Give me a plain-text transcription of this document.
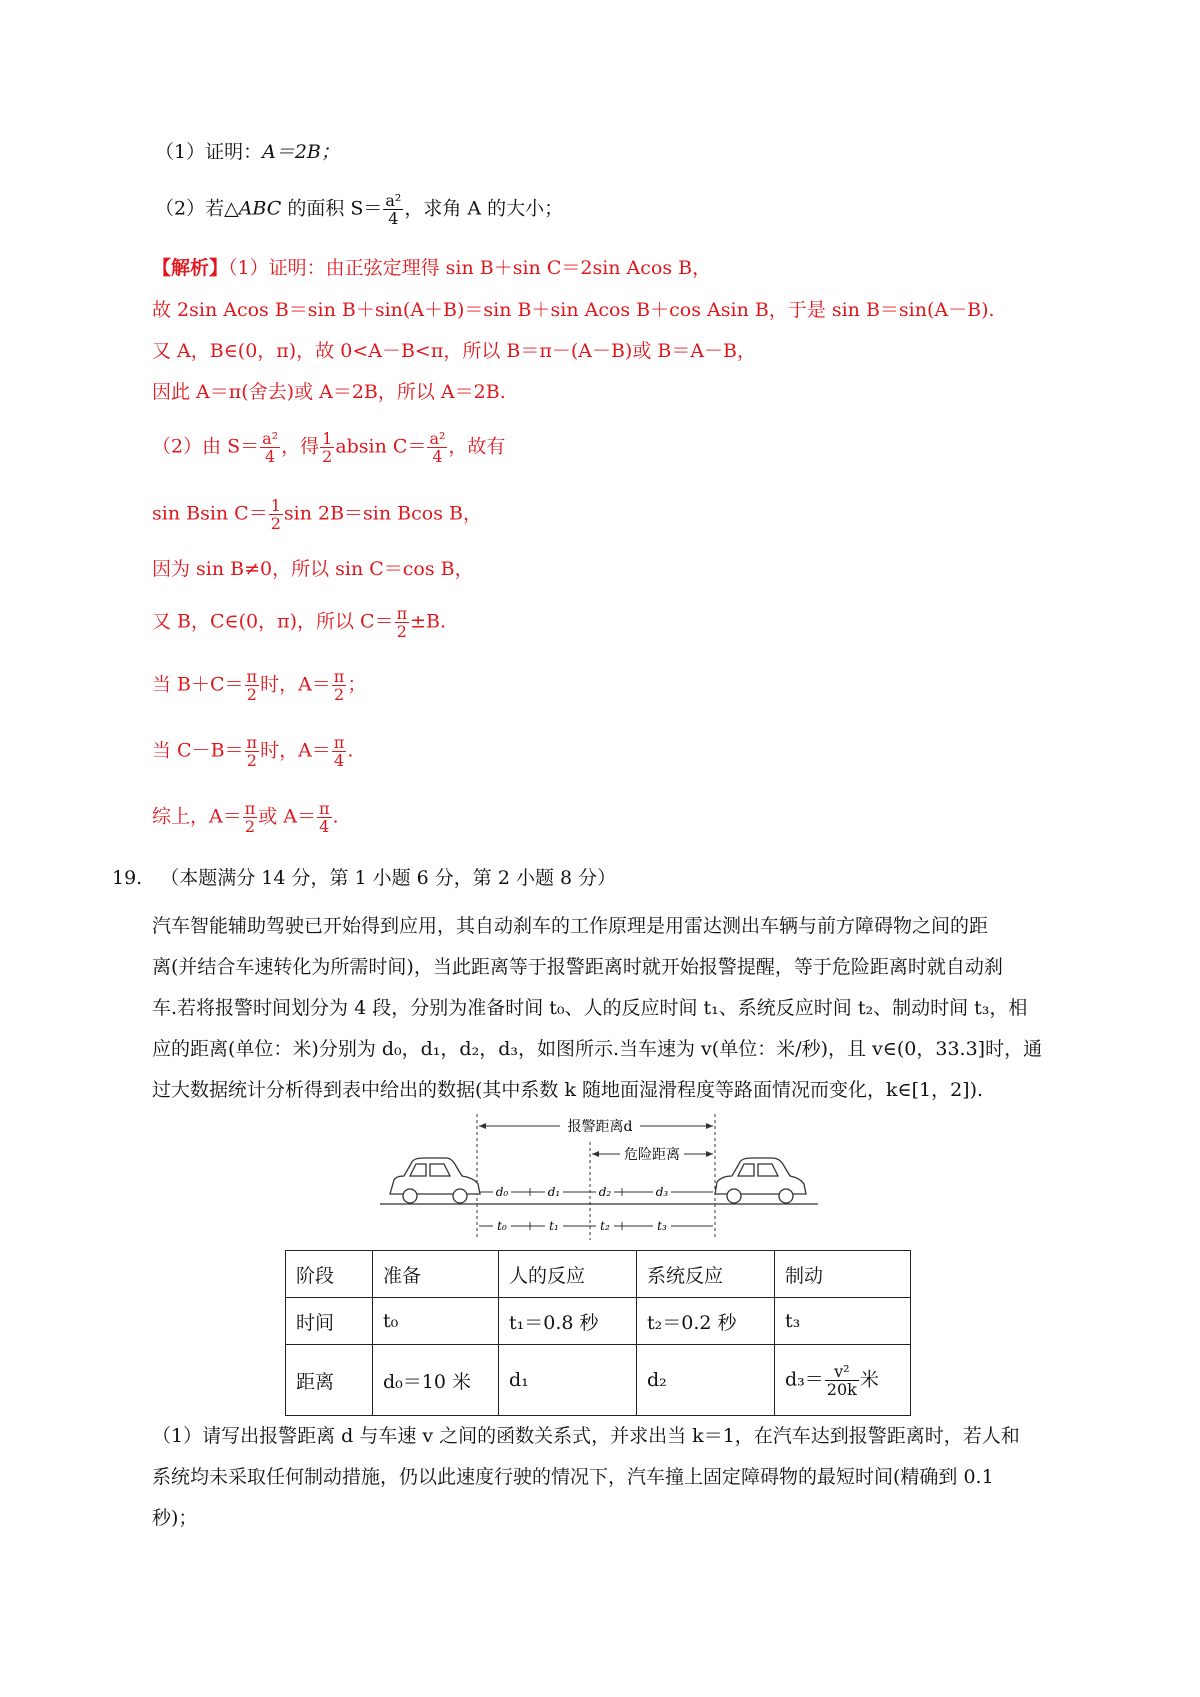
（1）证明：A＝2B；
（2）若△ABC 的面积 $S= \frac{\text{a²}}{4}$ ，求角 A 的大小；
【解析】（1）证明：由正弦定理得 sin B＋sin C＝2sin Acos B，
故 2sin Acos B＝sin B＋sin(A＋B)＝sin B＋sin Acos B＋cos Asin B，于是 sin B＝sin(A－B).
又 A，B∈(0，π)，故 0<A－B<π，所以 B＝π－(A－B)或 B＝A－B，
因此 A＝π(舍去)或 A＝2B，所以 A＝2B.
（2）由 $S= \frac{\text{a²}}{4}$ ，得 $\frac{1}{2}$ absin $C= \frac{\text{a²}}{4}$ ，故有
sin Bsin $C= \frac{1}{2}$ sin 2B＝sin Bcos B，
因为 sin B≠0，所以 sin C＝cos B，
又 B，C∈(0，π)，所以 $C= \frac{\pi}{2} \pm B$.
当 $B+C= \frac{\pi}{2}$ 时，$A= \frac{\pi}{2}$ ；
当 $C-B= \frac{\pi}{2}$ 时，$A= \frac{\pi}{4}$ .
综上，$A= \frac{\pi}{2}$ 或 $A= \frac{\pi}{4}$ .
19. （本题满分 14 分，第 1 小题 6 分，第 2 小题 8 分）
汽车智能辅助驾驶已开始得到应用，其自动刹车的工作原理是用雷达测出车辆与前方障碍物之间的距
离(并结合车速转化为所需时间)，当此距离等于报警距离时就开始报警提醒，等于危险距离时就自动刹
车.若将报警时间划分为 4 段，分别为准备时间 t₀、人的反应时间 t₁、系统反应时间 t₂、制动时间 t₃，相
应的距离(单位：米)分别为 d₀，d₁，d₂，d₃，如图所示.当车速为 v(单位：米/秒)，且 v∈(0，33.3]时，通
过大数据统计分析得到表中给出的数据(其中系数 k 随地面湿滑程度等路面情况而变化，k∈[1，2]).
报警距离d
危险距离
d₀	d₁	d₂	d₃
t₀	t₁	t₂	t₃
阶段	准备	人的反应	系统反应	制动
时间	t₀	t₁＝0.8 秒	t₂＝0.2 秒	t₃
距离	d₀＝10 米	d₁	d₂	$d_3= \frac{\text{v²}}{20k}$ 米
（1）请写出报警距离 d 与车速 v 之间的函数关系式，并求出当 k＝1，在汽车达到报警距离时，若人和
系统均未采取任何制动措施，仍以此速度行驶的情况下，汽车撞上固定障碍物的最短时间(精确到 0.1
秒)；
